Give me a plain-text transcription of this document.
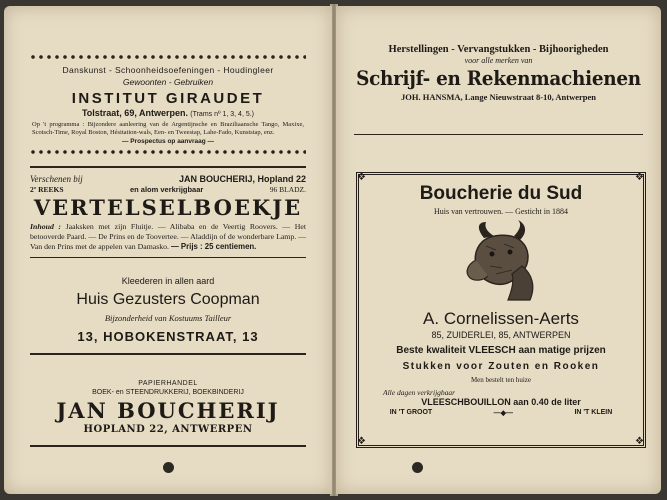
Danskunst - Schoonheidsoefeningen - Houdingleer
Gewoonten - Gebruiken
INSTITUT GIRAUDET
Tolstraat, 69, Antwerpen. (Trams nº 1, 3, 4, 5.)
Op 't programma : Bijzondere aanleering van de Argentijnsche en Braziliaansche Tango, Maxixe, Scotsch-Time, Royal Boston, Hésitation-wals, Een- en Tweestap, Lahe-Fado, Kunststap, enz.
— Prospectus op aanvraag —
Verschenen bij	JAN BOUCHERIJ, Hopland 22
2º REEKS	en alom verkrijgbaar	96 BLADZ.
VERTELSELBOEKJE
Inhoud : Jaaksken met zijn Fluitje. — Alibaba en de Veertig Roovers. — Het betooverde Paard. — De Prins en de Toovertee. — Aladdijn of de wonderbare Lamp. — Van den Prins met de appelen van Damasko. — Prijs : 25 centiemen.
Kleederen in allen aard
Huis Gezusters Coopman
Bijzonderheid van Kostuums Tailleur
13, HOBOKENSTRAAT, 13
PAPIERHANDEL
BOEK- en STEENDRUKKERIJ, BOEKBINDERIJ
JAN BOUCHERIJ
HOPLAND 22, ANTWERPEN
Herstellingen - Vervangstukken - Bijhoorigheden
voor alle merken van
Schrijf- en Rekenmachienen
JOH. HANSMA, Lange Nieuwstraat 8-10, Antwerpen
❖	❖
❖	❖
Boucherie du Sud
Huis van vertrouwen. — Gesticht in 1884
A. Cornelissen-Aerts
85, ZUIDERLEI, 85, ANTWERPEN
Beste kwaliteit VLEESCH aan matige prijzen
Stukken voor Zouten en Rooken
Men bestelt ten huize
Alle dagen verkrijgbaar
VLEESCHBOUILLON aan 0.40 de liter
IN 'T GROOT	—◆—	IN 'T KLEIN
